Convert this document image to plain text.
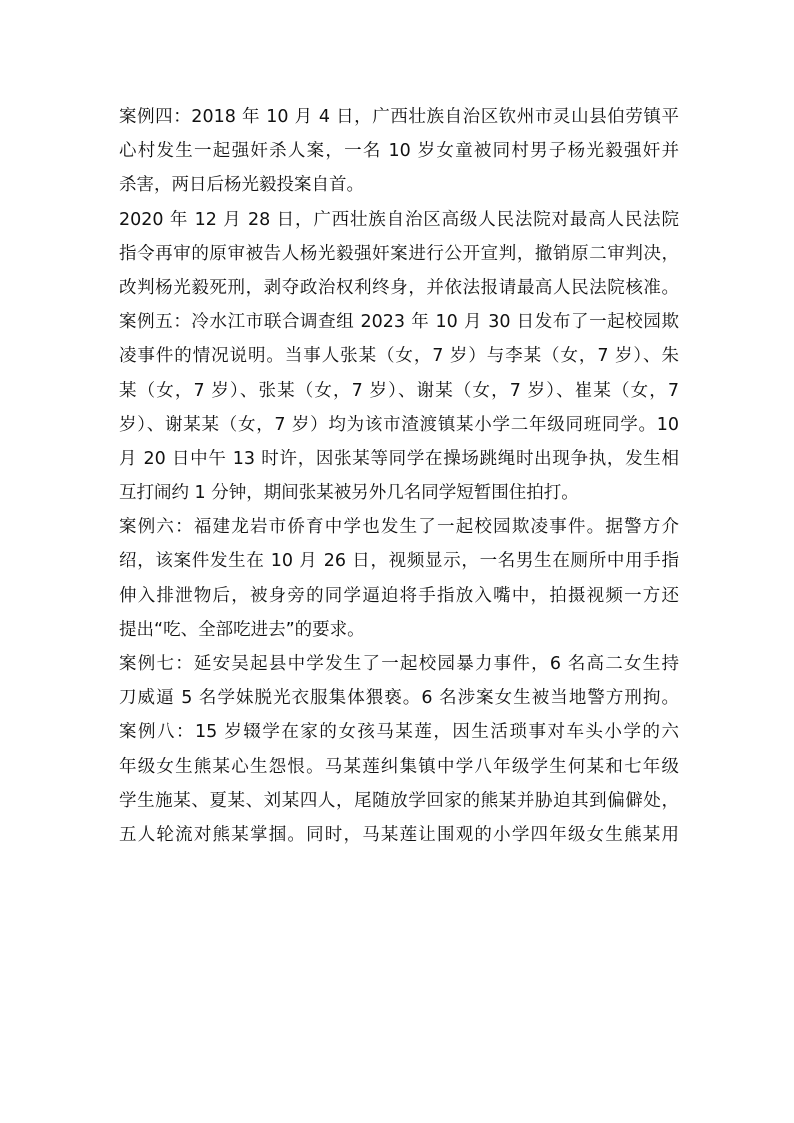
案例四：2018 年 10 月 4 日，广西壮族自治区钦州市灵山县伯劳镇平
心村发生一起强奸杀人案，一名 10 岁女童被同村男子杨光毅强奸并
杀害，两日后杨光毅投案自首。
2020 年 12 月 28 日，广西壮族自治区高级人民法院对最高人民法院
指令再审的原审被告人杨光毅强奸案进行公开宣判，撤销原二审判决，
改判杨光毅死刑，剥夺政治权利终身，并依法报请最高人民法院核准。
案例五：冷水江市联合调查组 2023 年 10 月 30 日发布了一起校园欺
凌事件的情况说明。当事人张某（女，7 岁）与李某（女，7 岁）、朱
某（女，7 岁）、张某（女，7 岁）、谢某（女，7 岁）、崔某（女，7
岁）、谢某某（女，7 岁）均为该市渣渡镇某小学二年级同班同学。10
月 20 日中午 13 时许，因张某等同学在操场跳绳时出现争执，发生相
互打闹约 1 分钟，期间张某被另外几名同学短暂围住拍打。
案例六：福建龙岩市侨育中学也发生了一起校园欺凌事件。据警方介
绍，该案件发生在 10 月 26 日，视频显示，一名男生在厕所中用手指
伸入排泄物后，被身旁的同学逼迫将手指放入嘴中，拍摄视频一方还
提出“吃、全部吃进去”的要求。
案例七：延安吴起县中学发生了一起校园暴力事件，6 名高二女生持
刀威逼 5 名学妹脱光衣服集体猥亵。6 名涉案女生被当地警方刑拘。
案例八：15 岁辍学在家的女孩马某莲，因生活琐事对车头小学的六
年级女生熊某心生怨恨。马某莲纠集镇中学八年级学生何某和七年级
学生施某、夏某、刘某四人，尾随放学回家的熊某并胁迫其到偏僻处，
五人轮流对熊某掌掴。同时，马某莲让围观的小学四年级女生熊某用
